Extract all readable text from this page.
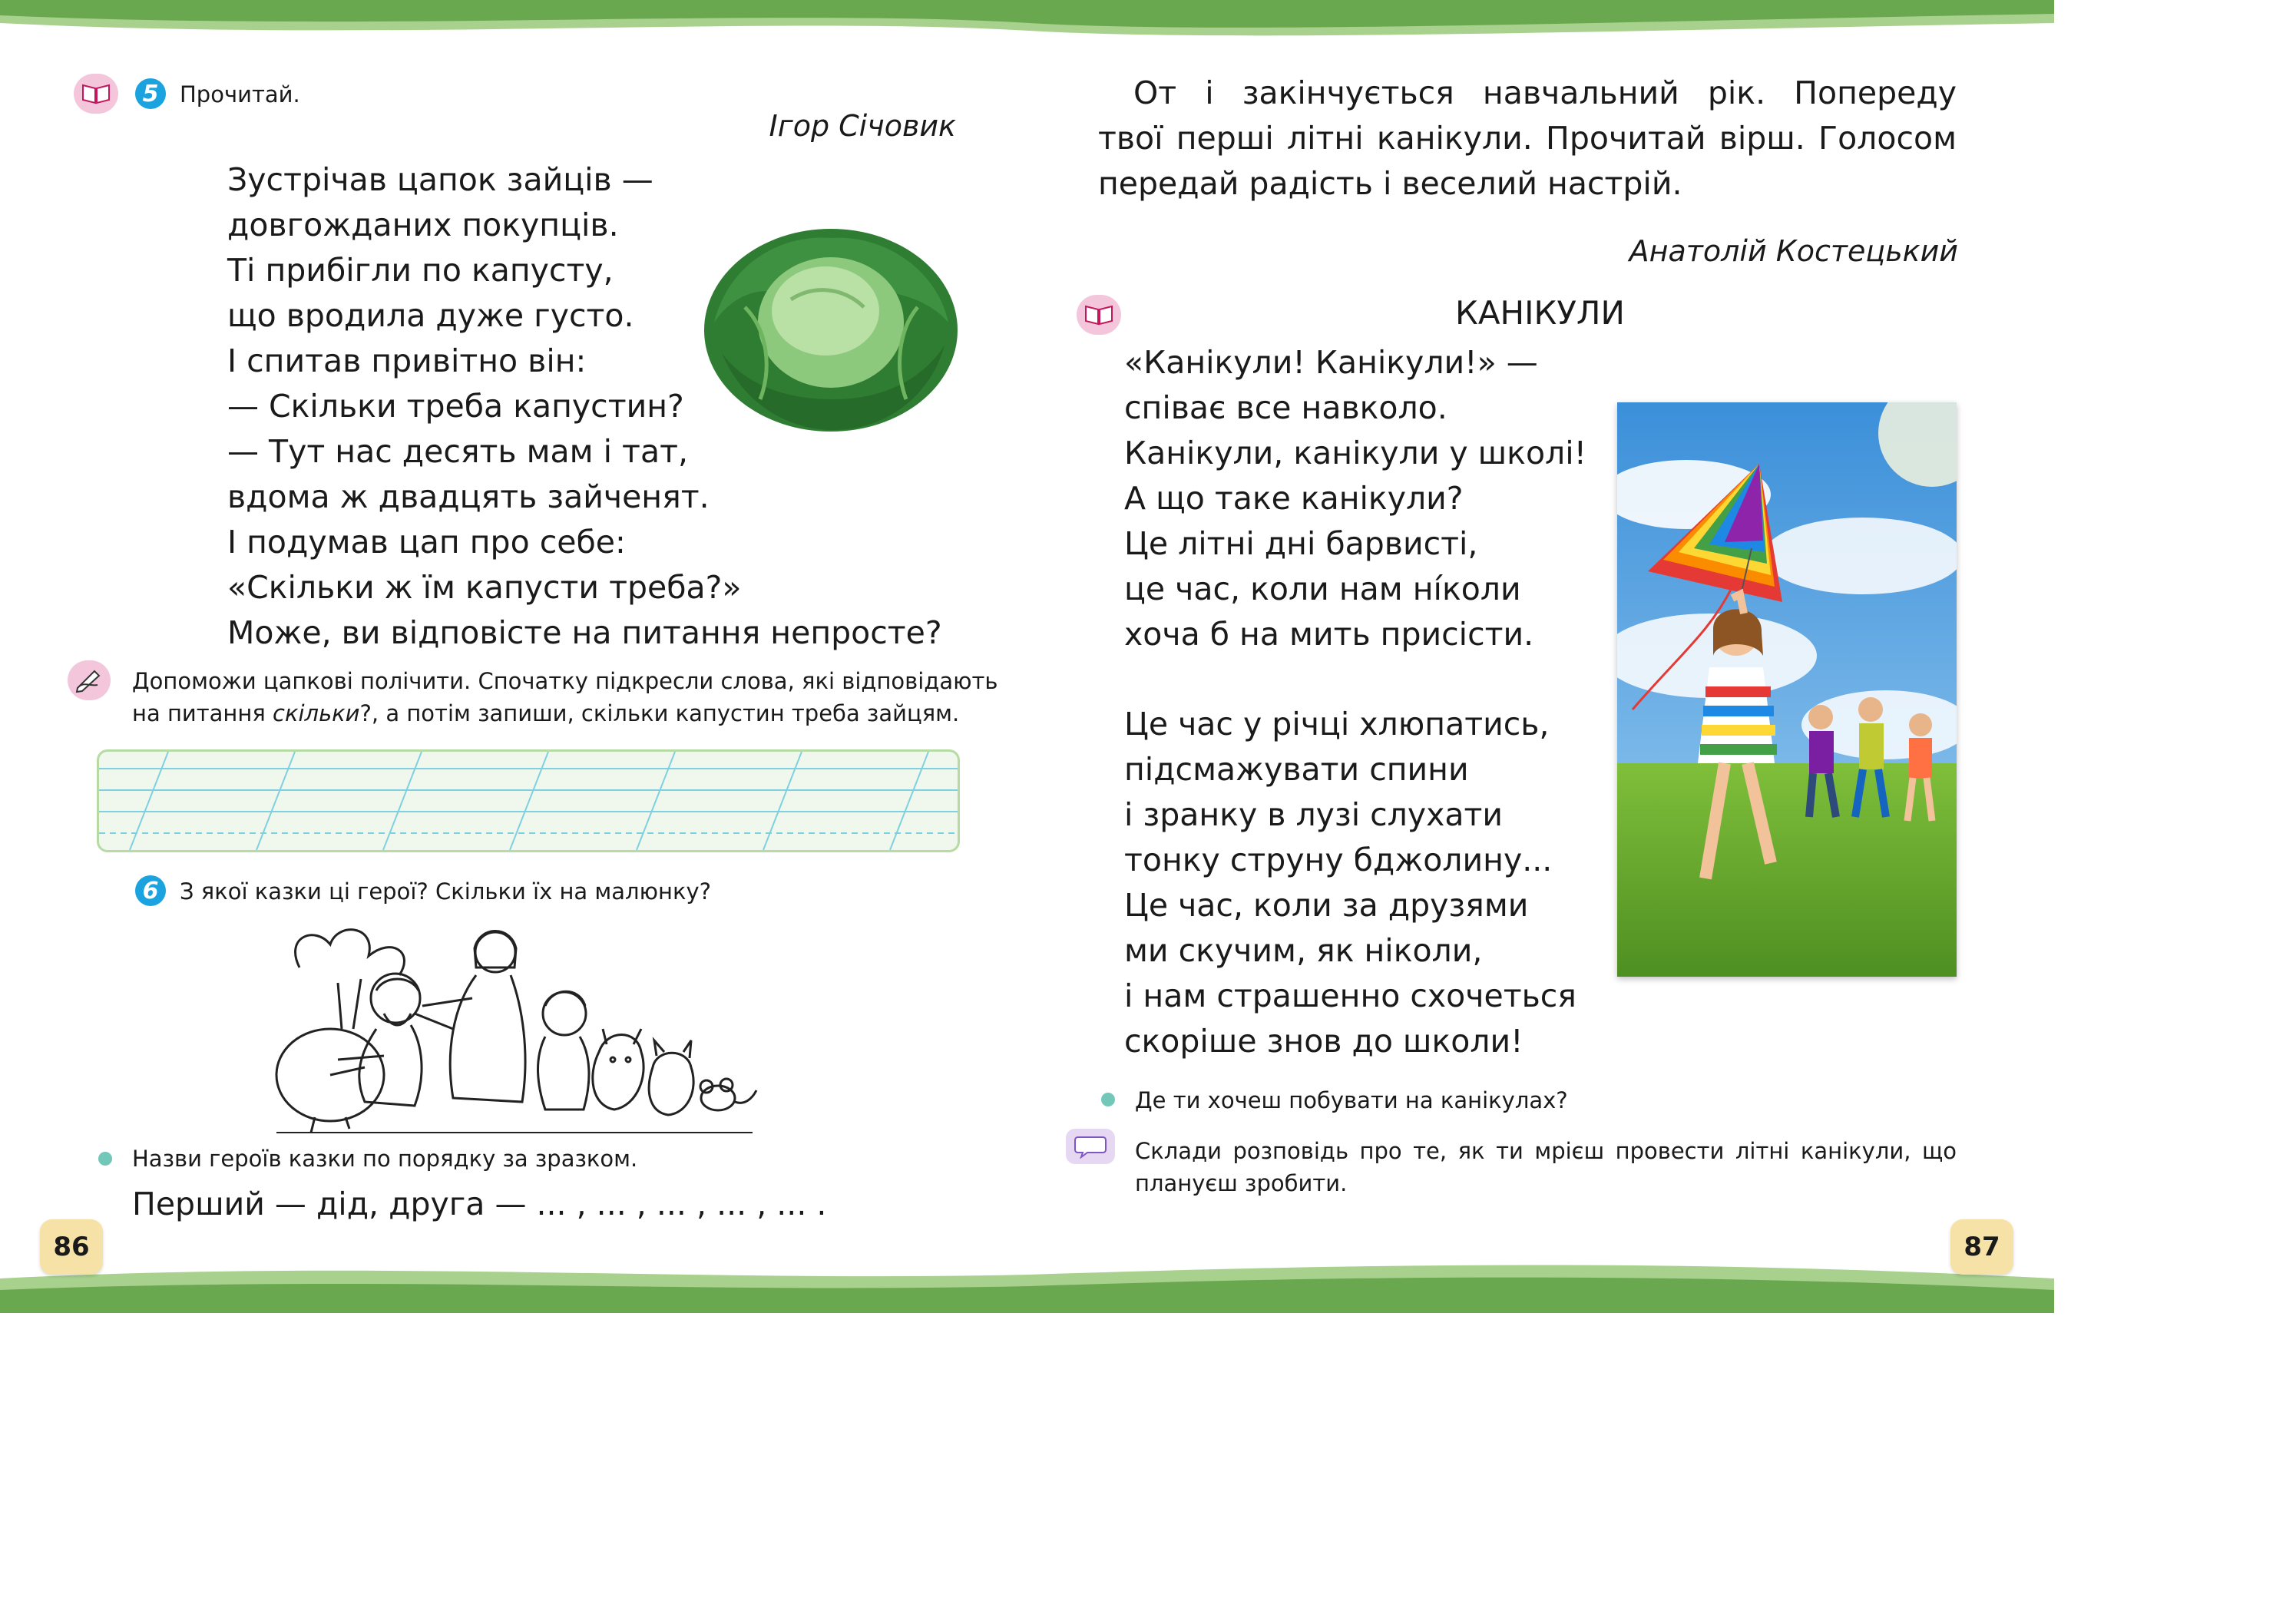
5 Прочитай.
Ігор Січовик
Зустрічав цапок зайців —
довгожданих покупців.
Ті прибігли по капусту,
що вродила дуже густо.
І спитав привітно він:
— Скільки треба капустин?
— Тут нас десять мам і тат,
вдома ж двадцять зайченят.
І подумав цап про себе:
«Скільки ж їм капусти треба?»
Може, ви відповісте на питання непросте?
Допоможи цапкові полічити. Спочатку підкресли слова, які відповідають
на питання скільки?, а потім запиши, скільки капустин треба зайцям.
6 З якої казки ці герої? Скільки їх на малюнку?
Назви героїв казки по порядку за зразком.
Перший — дід, друга — ... , ... , ... , ... , ... .
86
От і закінчується навчальний рік. Попереду
твої перші літні канікули. Прочитай вірш. Голосом
передай радість і веселий настрій.
Анатолій Костецький
КАНІКУЛИ
«Канікули! Канікули!» —
співає все навколо.
Канікули, канікули у школі!
А що таке канікули?
Це літні дні барвисті,
це час, коли нам ні́коли
хоча б на мить присісти.
Це час у річці хлюпатись,
підсмажувати спини
і зранку в лузі слухати
тонку струну бджолину...
Це час, коли за друзями
ми скучим, як ніколи,
і нам страшенно схочеться
скоріше знов до школи!
Де ти хочеш побувати на канікулах?
Склади розповідь про те, як ти мрієш провести літні канікули, що
плануєш зробити.
87
